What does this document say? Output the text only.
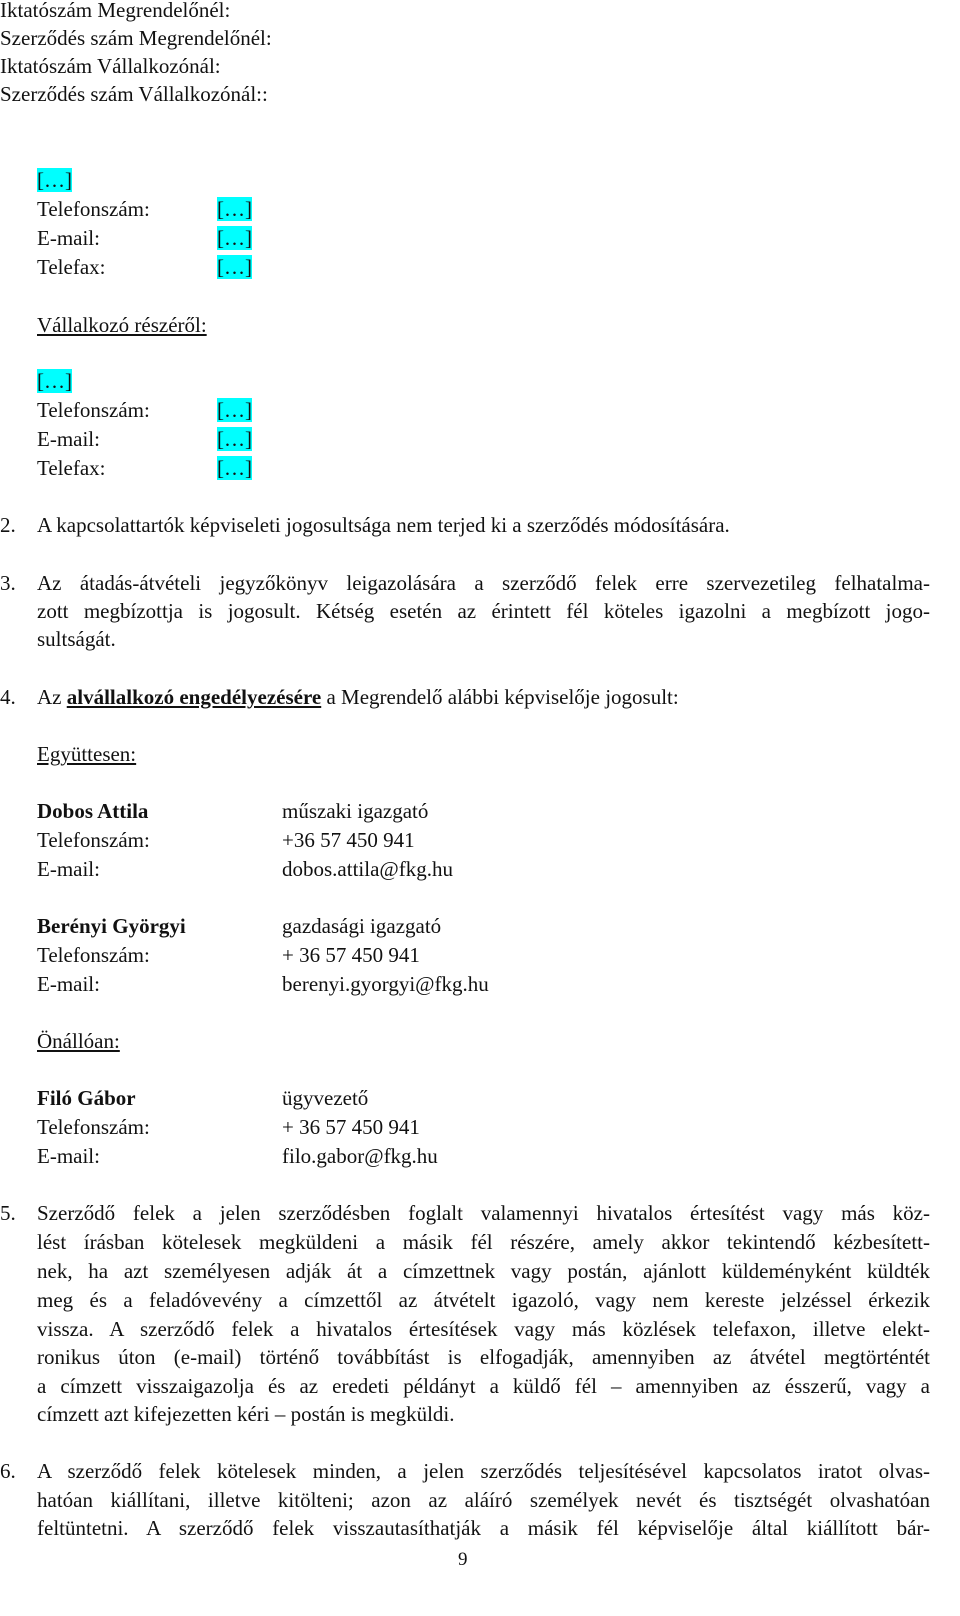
Iktatószám Megrendelőnél:
Szerződés szám Megrendelőnél:
Iktatószám Vállalkozónál:
Szerződés szám Vállalkozónál::
[…]
Telefonszám:	[…]
E-mail:	[…]
Telefax:	[…]
Vállalkozó részéről:
[…]
Telefonszám:	[…]
E-mail:	[…]
Telefax:	[…]
2. A kapcsolattartók képviseleti jogosultsága nem terjed ki a szerződés módosítására.
3. Az átadás-átvételi jegyzőkönyv leigazolására a szerződő felek erre szervezetileg felhatalma-
zott megbízottja is jogosult. Kétség esetén az érintett fél köteles igazolni a megbízott jogo-
sultságát.
4. Az alvállalkozó engedélyezésére a Megrendelő alábbi képviselője jogosult:
Együttesen:
Dobos Attila	műszaki igazgató
Telefonszám:	+36 57 450 941
E-mail:	dobos.attila@fkg.hu
Berényi Györgyi	gazdasági igazgató
Telefonszám:	+ 36 57 450 941
E-mail:	berenyi.gyorgyi@fkg.hu
Önállóan:
Filó Gábor	ügyvezető
Telefonszám:	+ 36 57 450 941
E-mail:	filo.gabor@fkg.hu
5. Szerződő felek a jelen szerződésben foglalt valamennyi hivatalos értesítést vagy más köz-
lést írásban kötelesek megküldeni a másik fél részére, amely akkor tekintendő kézbesített-
nek, ha azt személyesen adják át a címzettnek vagy postán, ajánlott küldeményként küldték
meg és a feladóvevény a címzettől az átvételt igazoló, vagy nem kereste jelzéssel érkezik
vissza. A szerződő felek a hivatalos értesítések vagy más közlések telefaxon, illetve elekt-
ronikus úton (e-mail) történő továbbítást is elfogadják, amennyiben az átvétel megtörténtét
a címzett visszaigazolja és az eredeti példányt a küldő fél – amennyiben az ésszerű, vagy a
címzett azt kifejezetten kéri – postán is megküldi.
6. A szerződő felek kötelesek minden, a jelen szerződés teljesítésével kapcsolatos iratot olvas-
hatóan kiállítani, illetve kitölteni; azon az aláíró személyek nevét és tisztségét olvashatóan
feltüntetni. A szerződő felek visszautasíthatják a másik fél képviselője által kiállított bár-
9
